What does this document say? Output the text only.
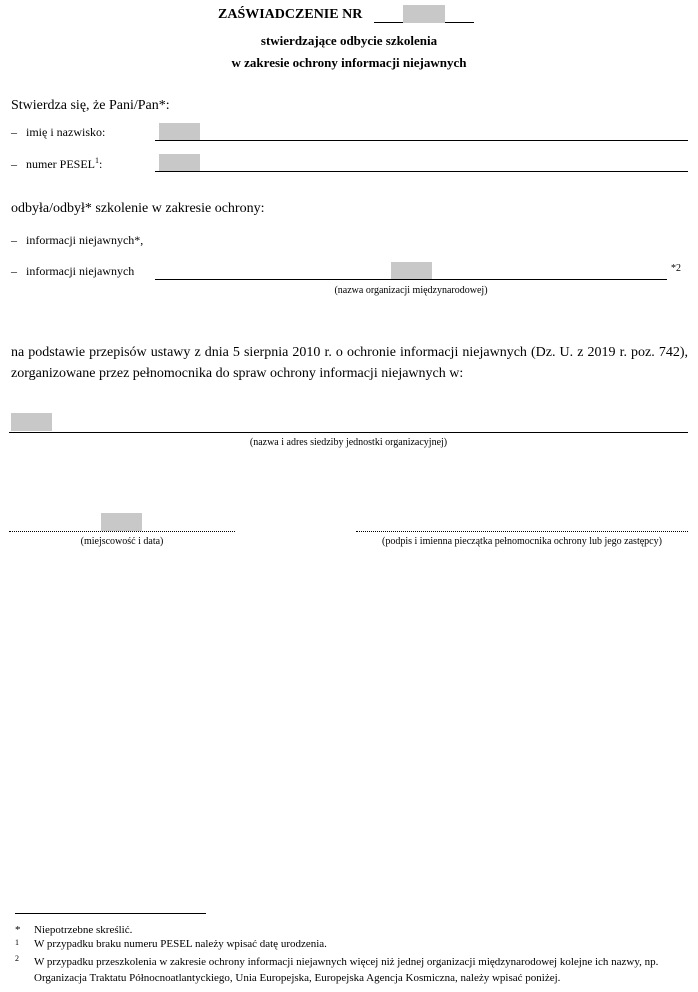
ZAŚWIADCZENIE NR
stwierdzające odbycie szkolenia
w zakresie ochrony informacji niejawnych
Stwierdza się, że Pani/Pan*:
–   imię i nazwisko:
–   numer PESEL$^1$:
odbyła/odbył* szkolenie w zakresie ochrony:
–   informacji niejawnych*,
–   informacji niejawnych	*2
(nazwa organizacji międzynarodowej)
na podstawie przepisów ustawy z dnia 5 sierpnia 2010 r. o ochronie informacji niejawnych (Dz. U. z 2019 r. poz. 742), zorganizowane przez pełnomocnika do spraw ochrony informacji niejawnych w:
(nazwa i adres siedziby jednostki organizacyjnej)
(miejscowość i data)	(podpis i imienna pieczątka pełnomocnika ochrony lub jego zastępcy)
* Niepotrzebne skreślić.
1 W przypadku braku numeru PESEL należy wpisać datę urodzenia.
2	W przypadku przeszkolenia w zakresie ochrony informacji niejawnych więcej niż jednej organizacji międzynarodowej kolejne ich nazwy, np. Organizacja Traktatu Północnoatlantyckiego, Unia Europejska, Europejska Agencja Kosmiczna, należy wpisać poniżej.
